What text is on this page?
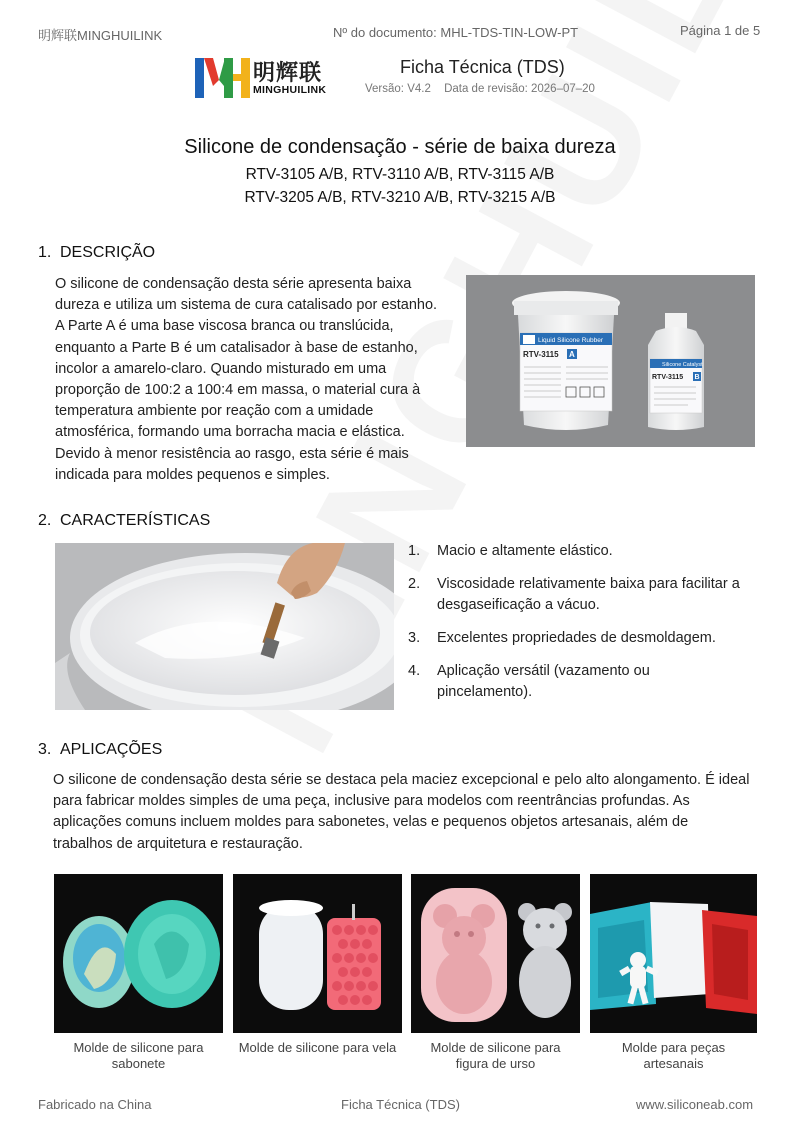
明辉联MINGHUILINK	Nº do documento: MHL-TDS-TIN-LOW-PT	Página 1 de 5
明辉联
MINGHUILINK
Ficha Técnica (TDS)
Versão: V4.2 Data de revisão: 2026–07–20
Silicone de condensação - série de baixa dureza
RTV-3105 A/B, RTV-3110 A/B, RTV-3115 A/B
RTV-3205 A/B, RTV-3210 A/B, RTV-3215 A/B
1. DESCRIÇÃO
O silicone de condensação desta série apresenta baixa
dureza e utiliza um sistema de cura catalisado por estanho.
A Parte A é uma base viscosa branca ou translúcida,
enquanto a Parte B é um catalisador à base de estanho,
incolor a amarelo-claro. Quando misturado em uma
proporção de 100:2 a 100:4 em massa, o material cura à
temperatura ambiente por reação com a umidade
atmosférica, formando uma borracha macia e elástica.
Devido à menor resistência ao rasgo, esta série é mais
indicada para moldes pequenos e simples.
Liquid Silicone Rubber
RTV-3115 A
Silicone Catalyst
RTV-3115 B
2. CARACTERÍSTICAS
1. Macio e altamente elástico.
2. Viscosidade relativamente baixa para facilitar a
desgaseificação a vácuo.
3. Excelentes propriedades de desmoldagem.
4. Aplicação versátil (vazamento ou
pincelamento).
3. APLICAÇÕES
O silicone de condensação desta série se destaca pela maciez excepcional e pelo alto alongamento. É ideal
para fabricar moldes simples de uma peça, inclusive para modelos com reentrâncias profundas. As
aplicações comuns incluem moldes para sabonetes, velas e pequenos objetos artesanais, além de
trabalhos de arquitetura e restauração.
Molde de silicone para
sabonete
Molde de silicone para vela	Molde de silicone para
figura de urso
Molde para peças
artesanais
Fabricado na China	Ficha Técnica (TDS)	www.siliconeab.com
